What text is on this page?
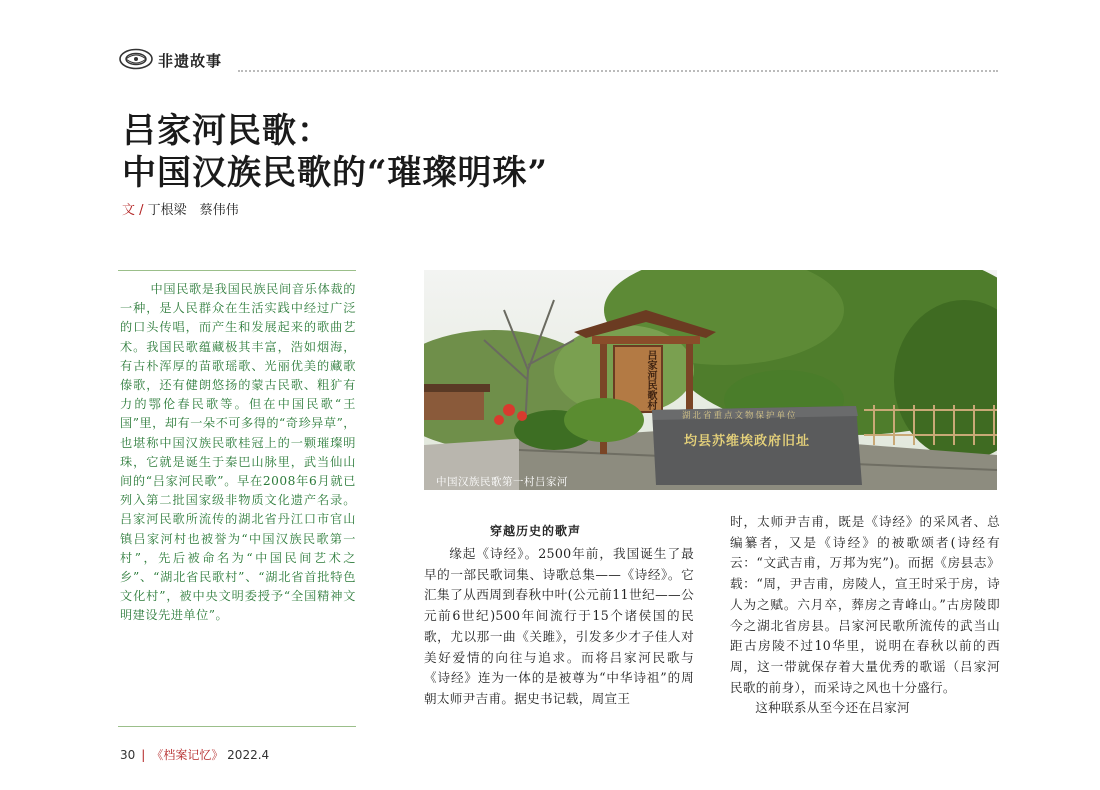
非遗故事
吕家河民歌：
中国汉族民歌的“璀璨明珠”
文 / 丁根梁　蔡伟伟

中国民歌是我国民族民间音乐体裁的一种，是人民群众在生活实践中经过广泛的口头传唱，而产生和发展起来的歌曲艺术。我国民歌蕴藏极其丰富，浩如烟海，有古朴浑厚的苗歌瑶歌、光丽优美的藏歌傣歌，还有健朗悠扬的蒙古民歌、粗犷有力的鄂伦春民歌等。但在中国民歌“王国”里，却有一朵不可多得的“奇珍异草”，也堪称中国汉族民歌桂冠上的一颗璀璨明珠，它就是诞生于秦巴山脉里，武当仙山间的“吕家河民歌”。早在2008年6月就已列入第二批国家级非物质文化遗产名录。吕家河民歌所流传的湖北省丹江口市官山镇吕家河村也被誉为“中国汉族民歌第一村”，先后被命名为“中国民间艺术之乡”、“湖北省民歌村”、“湖北省首批特色文化村”，被中央文明委授予“全国精神文明建设先进单位”。

吕家河民歌村
湖北省重点文物保护单位
均县苏维埃政府旧址
中国汉族民歌第一村吕家河
穿越历史的歌声

缘起《诗经》。2500年前，我国诞生了最早的一部民歌词集、诗歌总集——《诗经》。它汇集了从西周到春秋中叶(公元前11世纪——公元前6世纪)500年间流行于15个诸侯国的民歌，尤以那一曲《关雎》，引发多少才子佳人对美好爱情的向往与追求。而将吕家河民歌与《诗经》连为一体的是被尊为“中华诗祖”的周朝太师尹吉甫。据史书记载，周宣王

时，太师尹吉甫，既是《诗经》的采风者、总编纂者，又是《诗经》的被歌颂者(诗经有云：“文武吉甫，万邦为宪”)。而据《房县志》载：“周，尹吉甫，房陵人，宣王时采于房，诗人为之赋。六月卒，葬房之青峰山。”古房陵即今之湖北省房县。吕家河民歌所流传的武当山距古房陵不过10华里，说明在春秋以前的西周，这一带就保存着大量优秀的歌谣（吕家河民歌的前身），而采诗之风也十分盛行。

这种联系从至今还在吕家河

30 | 《档案记忆》 2022.4
